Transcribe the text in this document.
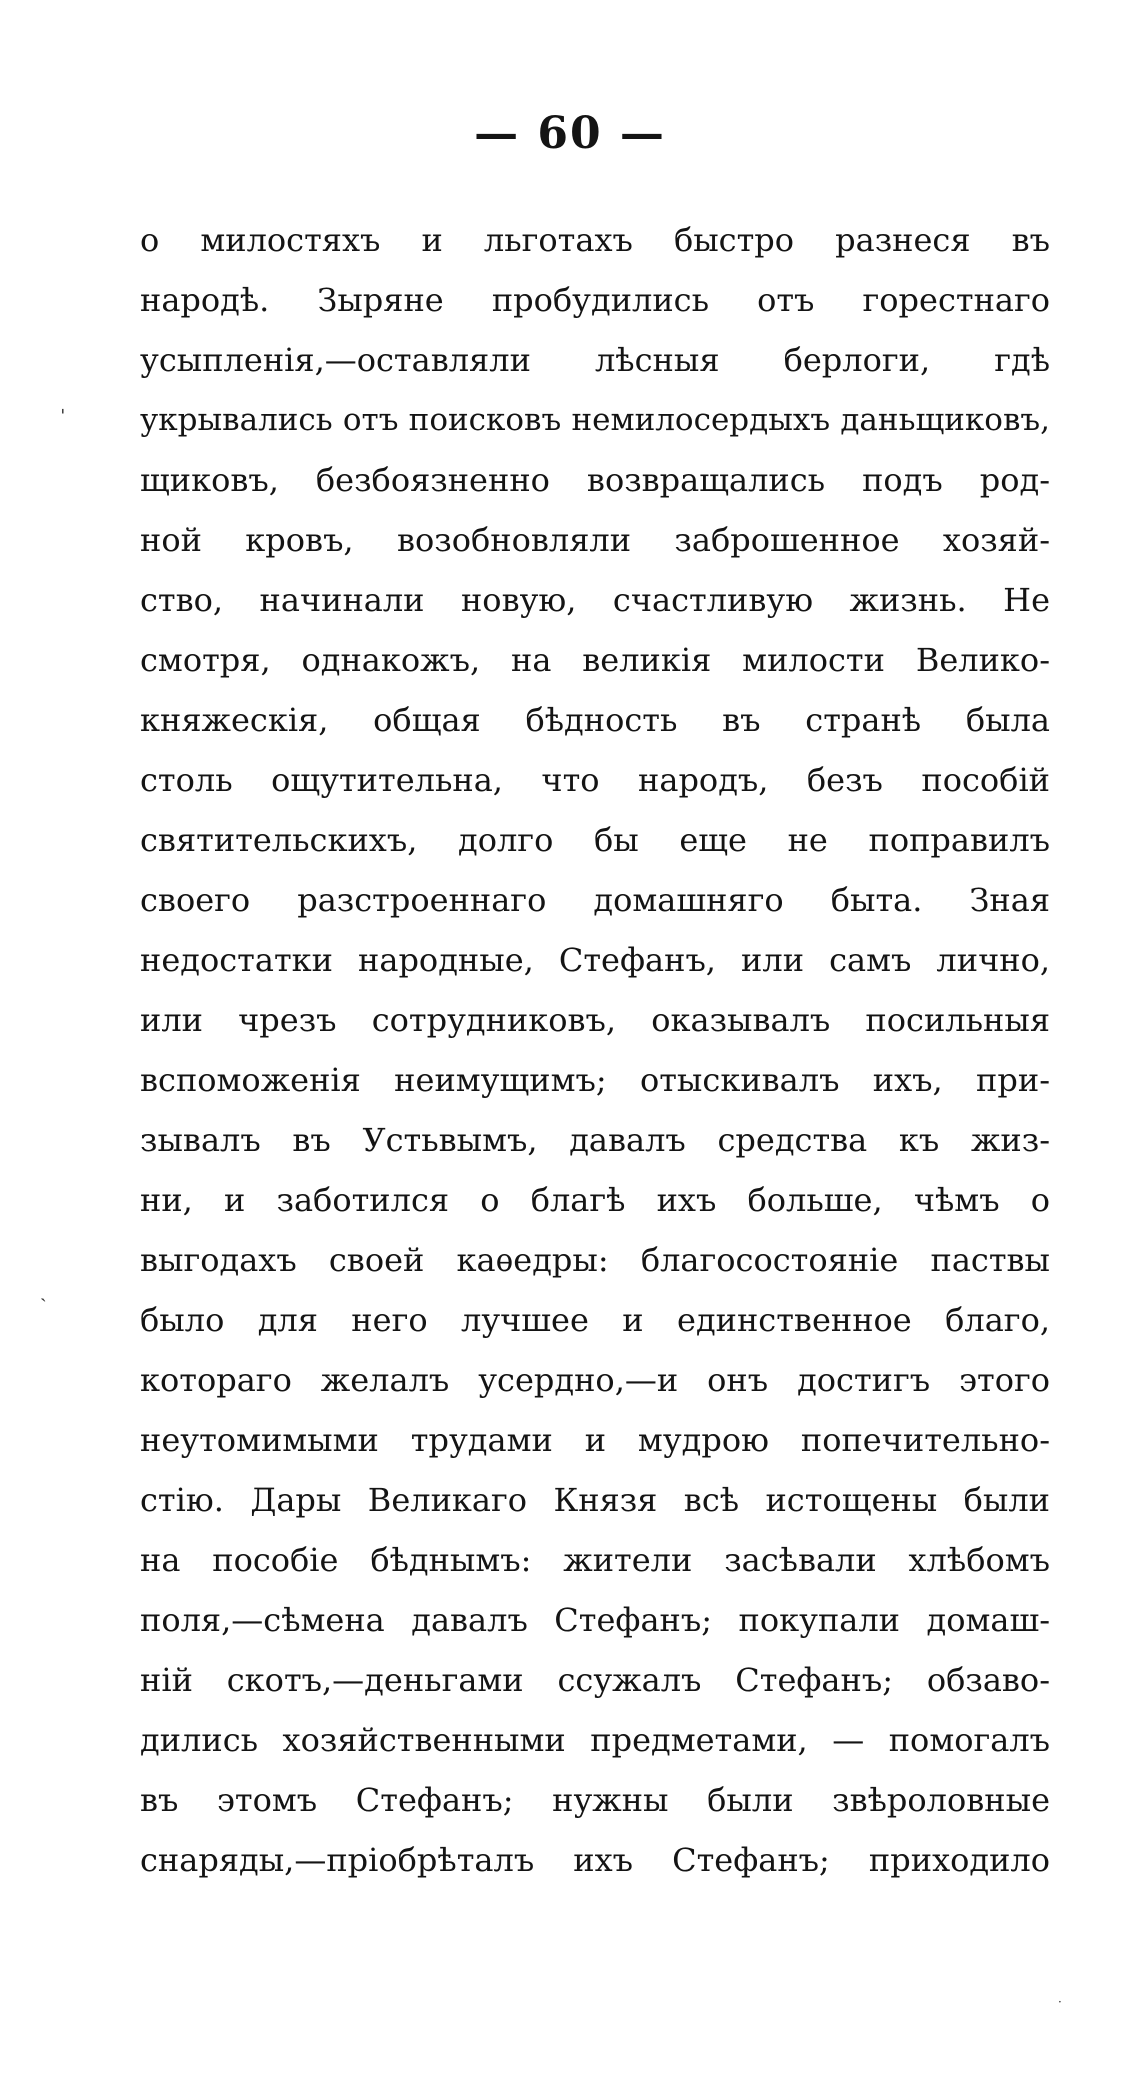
— 60 —
о милостяхъ и льготахъ быстро разнеся въ
народѣ. Зыряне пробудились отъ горестнаго
усыпленія,—оставляли лѣсныя берлоги, гдѣ
укрывались отъ поисковъ немилосердыхъ даньщиковъ,
щиковъ, безбоязненно возвращались подъ род-
ной кровъ, возобновляли заброшенное хозяй-
ство, начинали новую, счастливую жизнь. Не
смотря, однакожъ, на великія милости Велико-
княжескія, общая бѣдность въ странѣ была
столь ощутительна, что народъ, безъ пособій
святительскихъ, долго бы еще не поправилъ
своего разстроеннаго домашняго быта. Зная
недостатки народные, Стефанъ, или самъ лично,
или чрезъ сотрудниковъ, оказывалъ посильныя
вспоможенія неимущимъ; отыскивалъ ихъ, при-
зывалъ въ Устьвымъ, давалъ средства къ жиз-
ни, и заботился о благѣ ихъ больше, чѣмъ о
выгодахъ своей каѳедры: благосостояніе паствы
было для него лучшее и единственное благо,
котораго желалъ усердно,—и онъ достигъ этого
неутомимыми трудами и мудрою попечительно-
стію. Дары Великаго Князя всѣ истощены были
на пособіе бѣднымъ: жители засѣвали хлѣбомъ
поля,—сѣмена давалъ Стефанъ; покупали домаш-
ній скотъ,—деньгами ссужалъ Стефанъ; обзаво-
дились хозяйственными предметами, — помогалъ
въ этомъ Стефанъ; нужны были звѣроловные
снаряды,—пріобрѣталъ ихъ Стефанъ; приходило
ˈ
ˎ
·
